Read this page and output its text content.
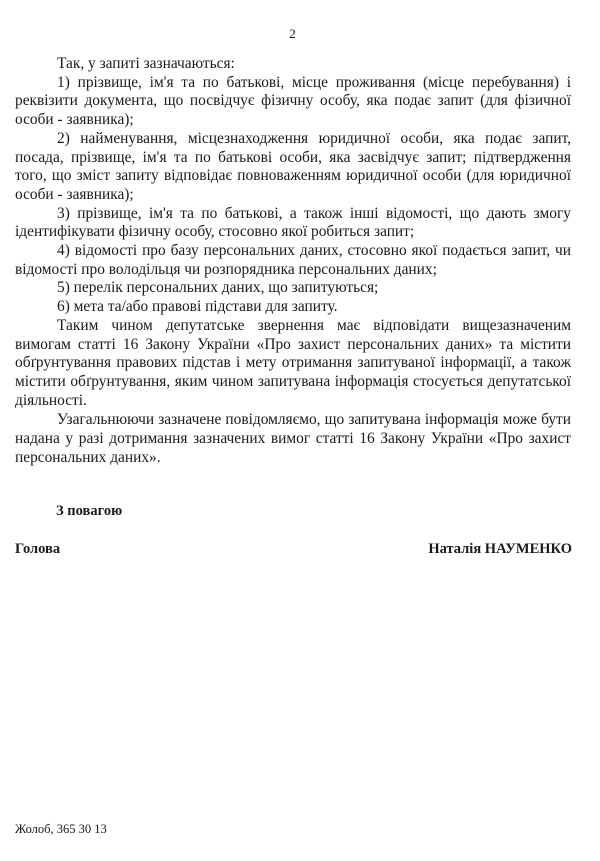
2

Так, у запиті зазначаються:

1) прізвище, ім'я та по батькові, місце проживання (місце перебування) і реквізити документа, що посвідчує фізичну особу, яка подає запит (для фізичної особи - заявника);

2) найменування, місцезнаходження юридичної особи, яка подає запит, посада, прізвище, ім'я та по батькові особи, яка засвідчує запит; підтвердження того, що зміст запиту відповідає повноваженням юридичної особи (для юридичної особи - заявника);

3) прізвище, ім'я та по батькові, а також інші відомості, що дають змогу ідентифікувати фізичну особу, стосовно якої робиться запит;

4) відомості про базу персональних даних, стосовно якої подається запит, чи відомості про володільця чи розпорядника персональних даних;

5) перелік персональних даних, що запитуються;

6) мета та/або правові підстави для запиту.

Таким чином депутатське звернення має відповідати вищезазначеним вимогам статті 16 Закону України «Про захист персональних даних» та містити обґрунтування правових підстав і мету отримання запитуваної інформації, а також містити обґрунтування, яким чином запитувана інформація стосується депутатської діяльності.

Узагальнюючи зазначене повідомляємо, що запитувана інформація може бути надана у разі дотримання зазначених вимог статті 16 Закону України «Про захист персональних даних».

З повагою
Голова	Наталія НАУМЕНКО
Жолоб, 365 30 13
